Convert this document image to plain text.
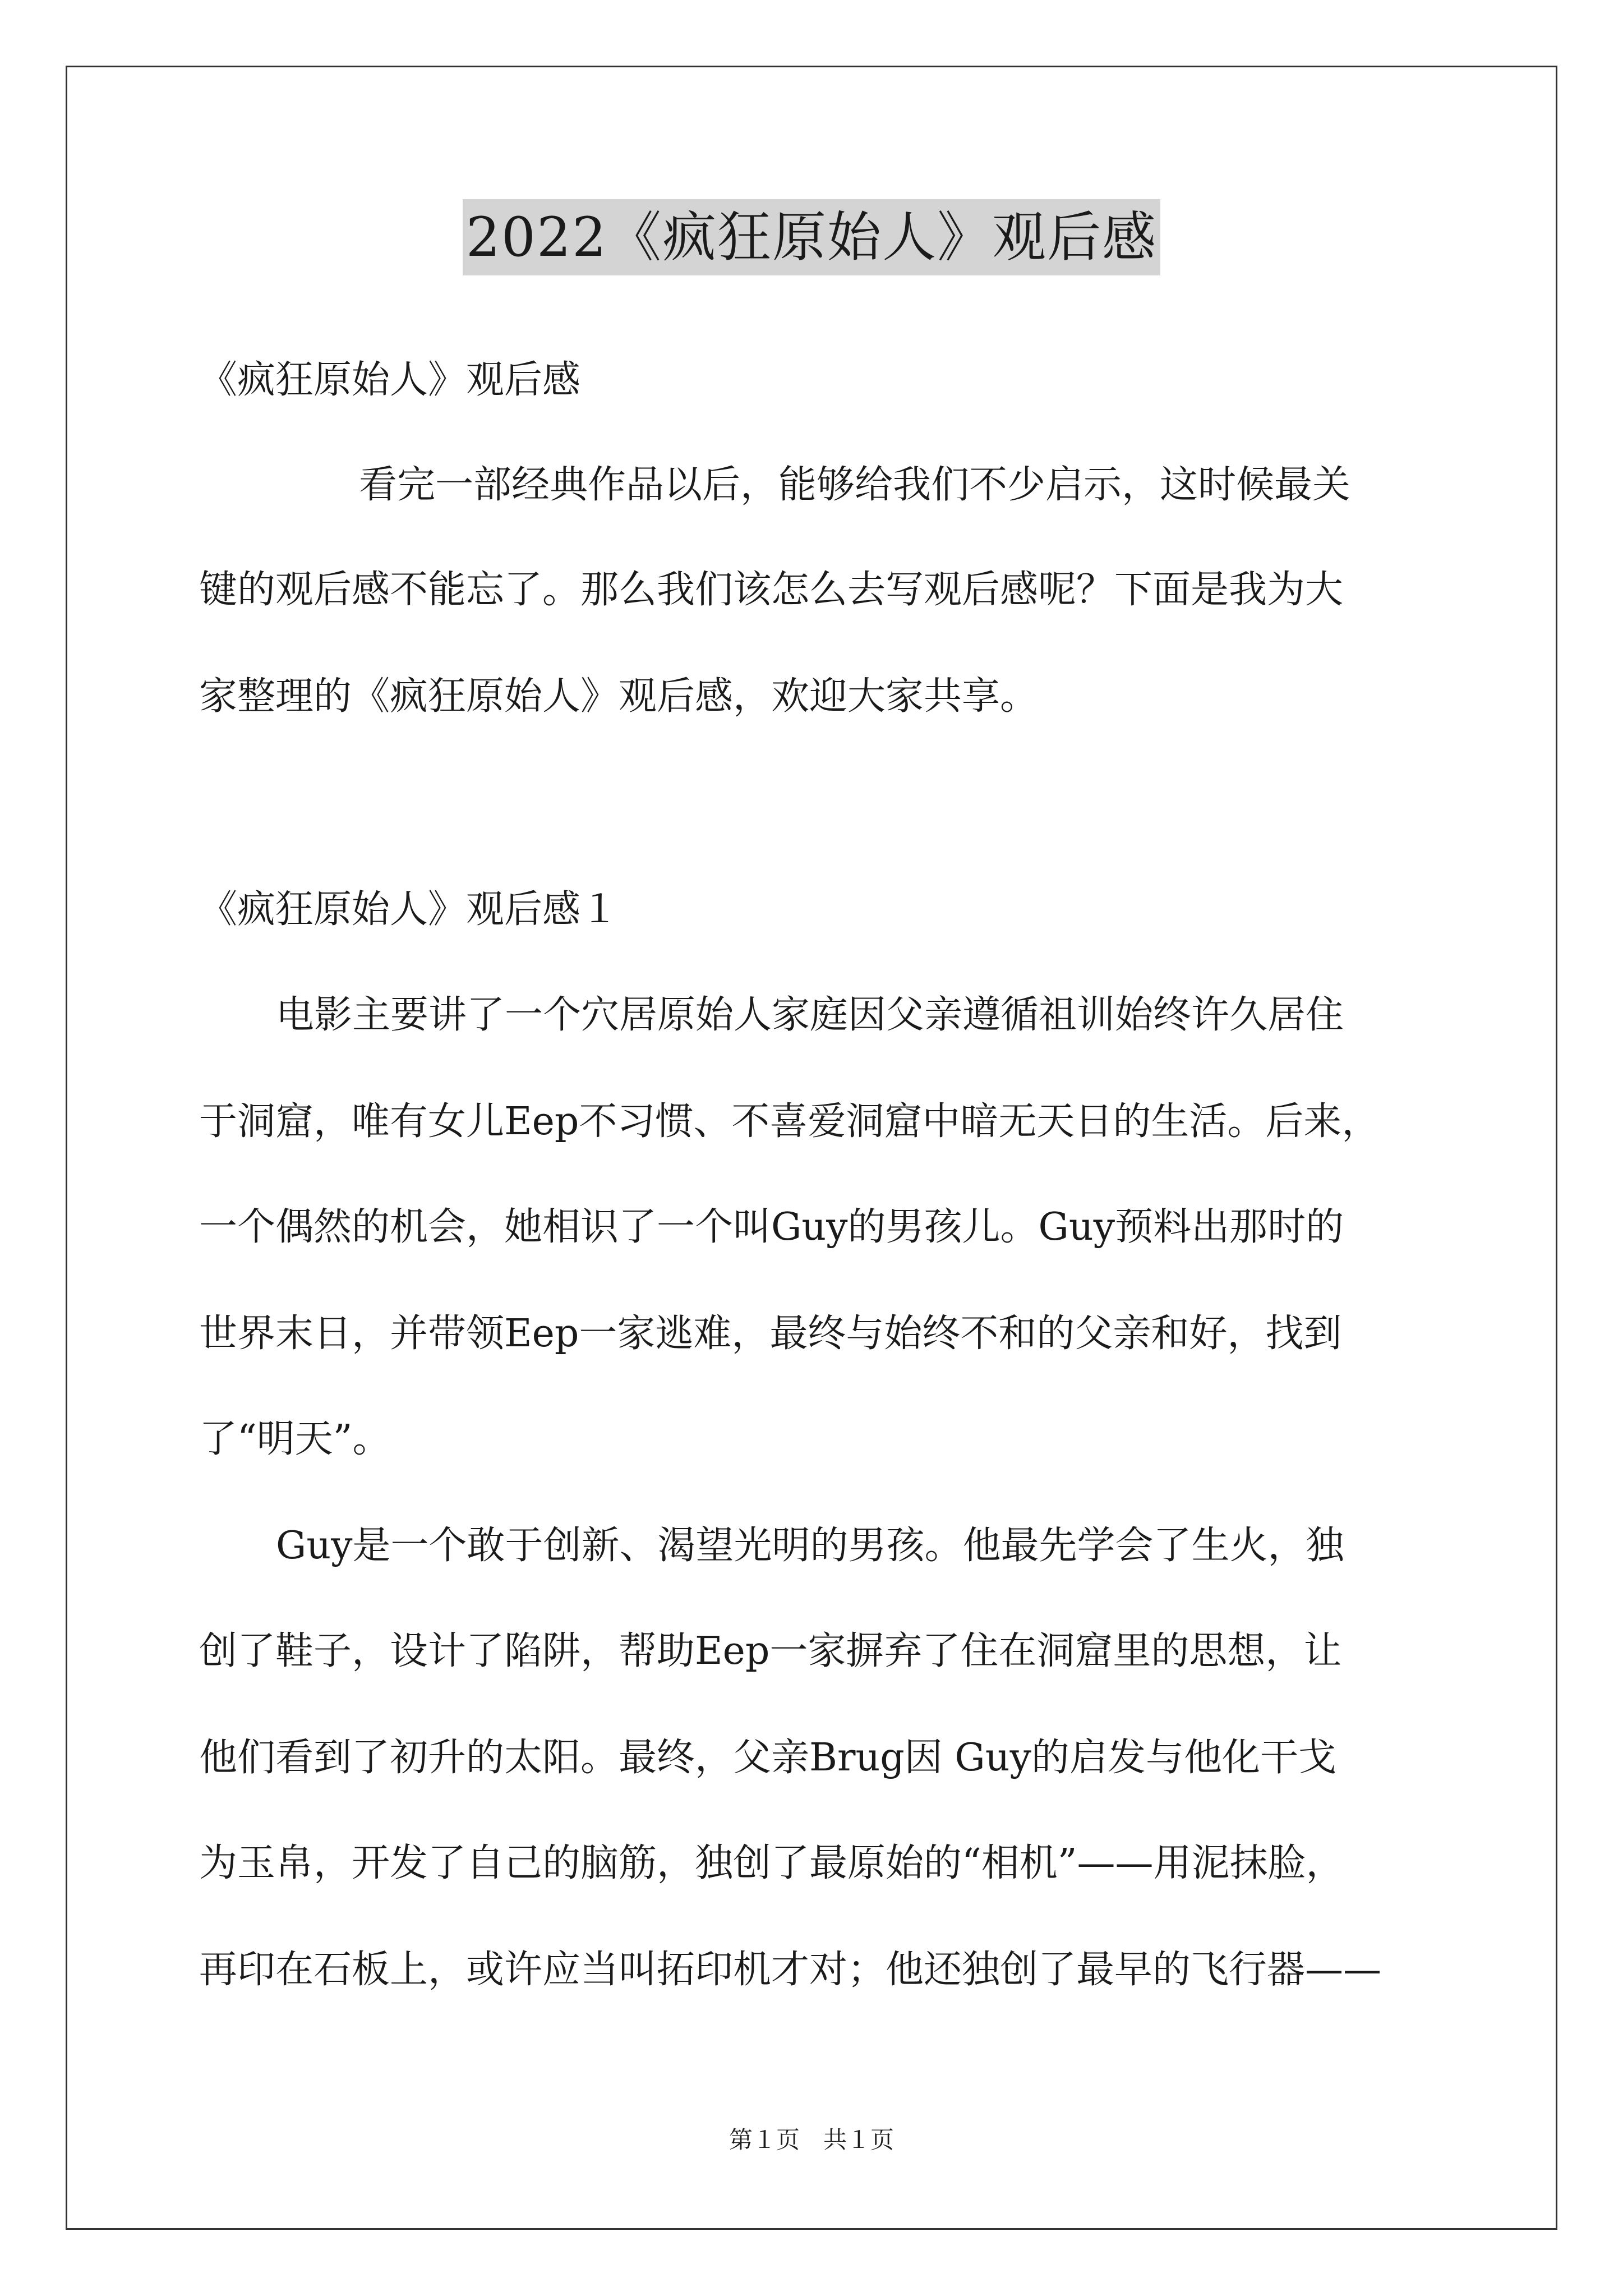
2022《疯狂原始人》观后感
《疯狂原始人》观后感
看完一部经典作品以后，能够给我们不少启示，这时候最关
键的观后感不能忘了。那么我们该怎么去写观后感呢？下面是我为大
家整理的《疯狂原始人》观后感，欢迎大家共享。
《疯狂原始人》观后感１
电影主要讲了一个穴居原始人家庭因父亲遵循祖训始终许久居住
于洞窟，唯有女儿Eep不习惯、不喜爱洞窟中暗无天日的生活。后来，
一个偶然的机会，她相识了一个叫Guy的男孩儿。Guy预料出那时的
世界末日，并带领Eep一家逃难，最终与始终不和的父亲和好，找到
了“明天”。
Guy是一个敢于创新、渴望光明的男孩。他最先学会了生火，独
创了鞋子，设计了陷阱，帮助Eep一家摒弃了住在洞窟里的思想，让
他们看到了初升的太阳。最终，父亲Brug因 Guy的启发与他化干戈
为玉帛，开发了自己的脑筋，独创了最原始的“相机”——用泥抹脸，
再印在石板上，或许应当叫拓印机才对；他还独创了最早的飞行器——
第１页　共１页
